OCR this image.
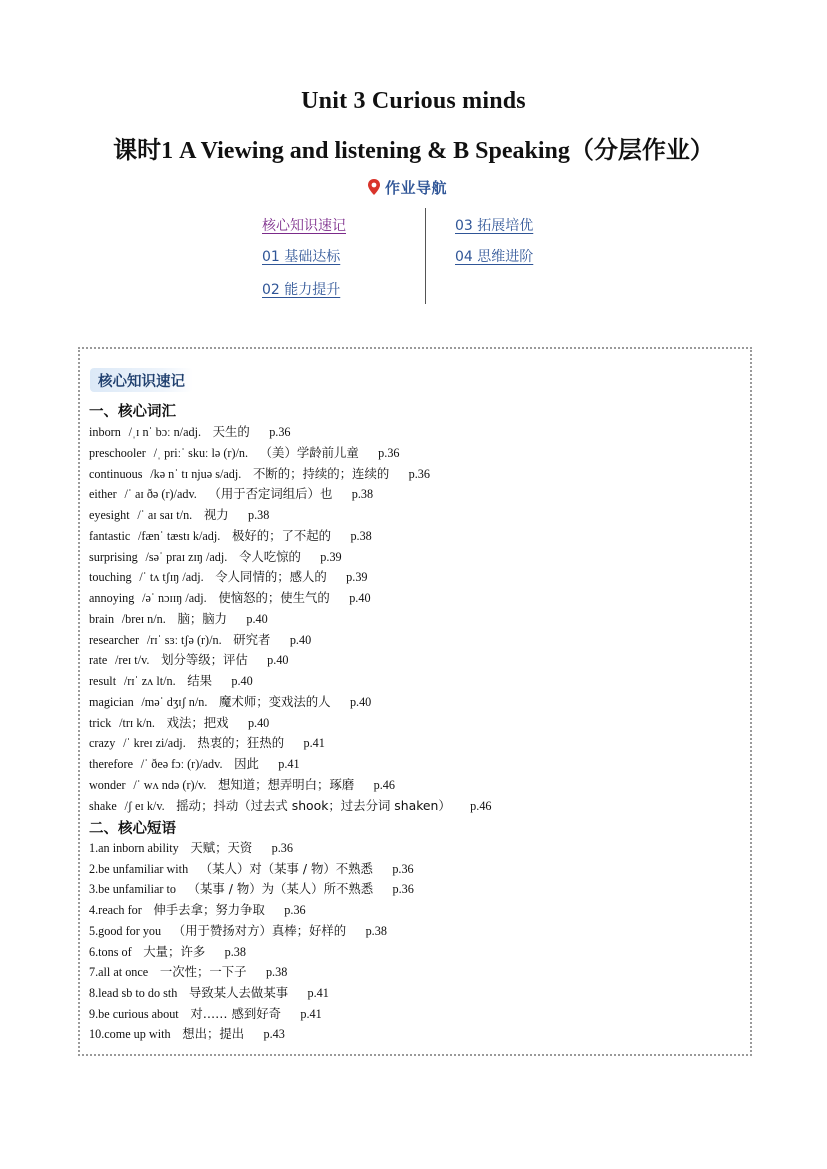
Unit 3 Curious minds
课时1 A Viewing and listening & B Speaking（分层作业）
作业导航
核心知识速记
01 基础达标
02 能力提升
03 拓展培优
04 思维进阶
核心知识速记
一、核心词汇
inborn /ˌɪ nˈ bɔː n/adj. 天生的 p.36
preschooler /ˌ priːˈ skuː lə (r)/n. （美）学龄前儿童 p.36
continuous /kə nˈ tɪ njuə s/adj. 不断的；持续的；连续的 p.36
either /ˈ aɪ ðə (r)/adv. （用于否定词组后）也 p.38
eyesight /ˈ aɪ saɪ t/n. 视力 p.38
fantastic /fænˈ tæstɪ k/adj. 极好的；了不起的 p.38
surprising /səˈ praɪ zɪŋ /adj. 令人吃惊的 p.39
touching /ˈ tʌ tʃɪŋ /adj. 令人同情的；感人的 p.39
annoying /əˈ nɔɪɪŋ /adj. 使恼怒的；使生气的 p.40
brain /breɪ n/n. 脑；脑力 p.40
researcher /rɪˈ sɜː tʃə (r)/n. 研究者 p.40
rate /reɪ t/v. 划分等级；评估 p.40
result /rɪˈ zʌ lt/n. 结果 p.40
magician /məˈ dʒɪʃ n/n. 魔术师；变戏法的人 p.40
trick /trɪ k/n. 戏法；把戏 p.40
crazy /ˈ kreɪ zi/adj. 热衷的；狂热的 p.41
therefore /ˈ ðeə fɔː (r)/adv. 因此 p.41
wonder /ˈ wʌ ndə (r)/v. 想知道；想弄明白；琢磨 p.46
shake /ʃ eɪ k/v. 摇动；抖动（过去式 shook；过去分词 shaken） p.46
二、核心短语
1.an inborn ability 天赋；天资 p.36
2.be unfamiliar with （某人）对（某事 / 物）不熟悉 p.36
3.be unfamiliar to （某事 / 物）为（某人）所不熟悉 p.36
4.reach for 伸手去拿；努力争取 p.36
5.good for you （用于赞扬对方）真棒；好样的 p.38
6.tons of 大量；许多 p.38
7.all at once 一次性；一下子 p.38
8.lead sb to do sth 导致某人去做某事 p.41
9.be curious about 对…… 感到好奇 p.41
10.come up with 想出；提出 p.43
